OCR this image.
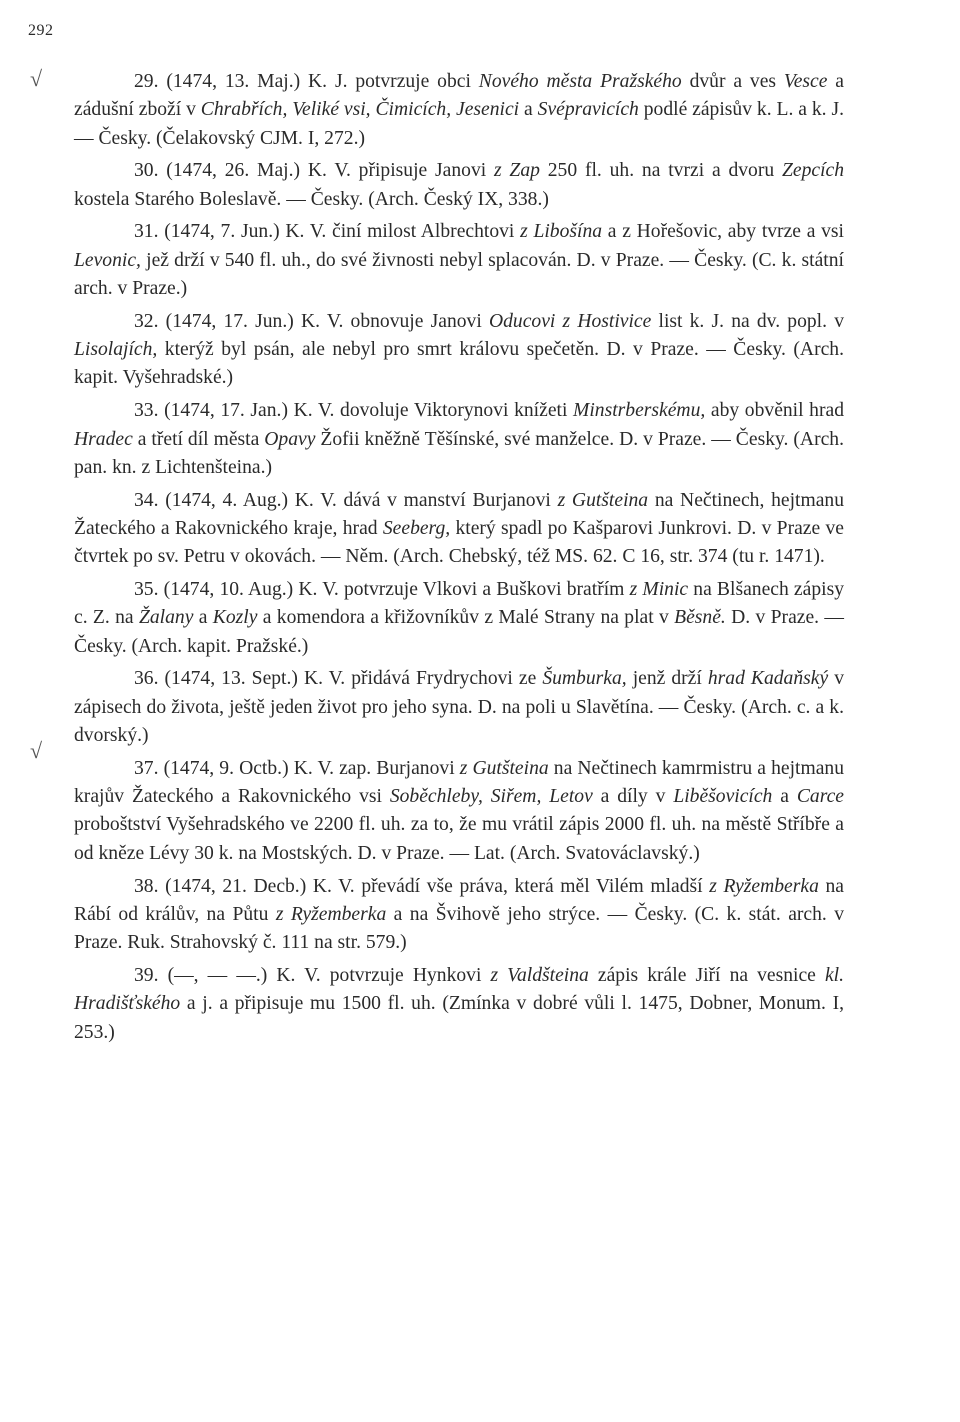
292
√
√

29. (1474, 13. Maj.) K. J. potvrzuje obci Nového města Pražského dvůr a ves Vesce a zádušní zboží v Chrabřích, Veliké vsi, Čimicích, Jesenici a Svépravicích podlé zápisův k. L. a k. J. — Česky. (Čelakovský CJM. I, 272.)

30. (1474, 26. Maj.) K. V. připisuje Janovi z Zap 250 fl. uh. na tvrzi a dvoru Zepcích kostela Starého Boleslavě. — Česky. (Arch. Český IX, 338.)

31. (1474, 7. Jun.) K. V. činí milost Albrechtovi z Libošína a z Hořešovic, aby tvrze a vsi Levonic, jež drží v 540 fl. uh., do své živnosti nebyl splacován. D. v Praze. — Česky. (C. k. státní arch. v Praze.)

32. (1474, 17. Jun.) K. V. obnovuje Janovi Oducovi z Hostivice list k. J. na dv. popl. v Lisolajích, kterýž byl psán, ale nebyl pro smrt královu spečetěn. D. v Praze. — Česky. (Arch. kapit. Vyšehradské.)

33. (1474, 17. Jan.) K. V. dovoluje Viktorynovi knížeti Minstrberskému, aby obvěnil hrad Hradec a třetí díl města Opavy Žofii kněžně Těšínské, své manželce. D. v Praze. — Česky. (Arch. pan. kn. z Lichtenšteina.)

34. (1474, 4. Aug.) K. V. dává v manství Burjanovi z Gutšteina na Nečtinech, hejtmanu Žateckého a Rakovnického kraje, hrad Seeberg, který spadl po Kašparovi Junkrovi. D. v Praze ve čtvrtek po sv. Petru v okovách. — Něm. (Arch. Chebský, též MS. 62. C 16, str. 374 (tu r. 1471).

35. (1474, 10. Aug.) K. V. potvrzuje Vlkovi a Buškovi bratřím z Minic na Blšanech zápisy c. Z. na Žalany a Kozly a komendora a křižovníkův z Malé Strany na plat v Běsně. D. v Praze. — Česky. (Arch. kapit. Pražské.)

36. (1474, 13. Sept.) K. V. přidává Frydrychovi ze Šumburka, jenž drží hrad Kadaňský v zápisech do života, ještě jeden život pro jeho syna. D. na poli u Slavětína. — Česky. (Arch. c. a k. dvorský.)

37. (1474, 9. Octb.) K. V. zap. Burjanovi z Gutšteina na Nečtinech kamrmistru a hejtmanu krajův Žateckého a Rakovnického vsi Soběchleby, Siřem, Letov a díly v Liběšovicích a Carce proboštství Vyšehradského ve 2200 fl. uh. za to, že mu vrátil zápis 2000 fl. uh. na městě Stříbře a od kněze Lévy 30 k. na Mostských. D. v Praze. — Lat. (Arch. Svatováclavský.)

38. (1474, 21. Decb.) K. V. převádí vše práva, která měl Vilém mladší z Ryžemberka na Rábí od králův, na Půtu z Ryžemberka a na Švihově jeho strýce. — Česky. (C. k. stát. arch. v Praze. Ruk. Strahovský č. 111 na str. 579.)

39. (—, — —.) K. V. potvrzuje Hynkovi z Valdšteina zápis krále Jiří na vesnice kl. Hradišťského a j. a připisuje mu 1500 fl. uh. (Zmínka v dobré vůli l. 1475, Dobner, Monum. I, 253.)
